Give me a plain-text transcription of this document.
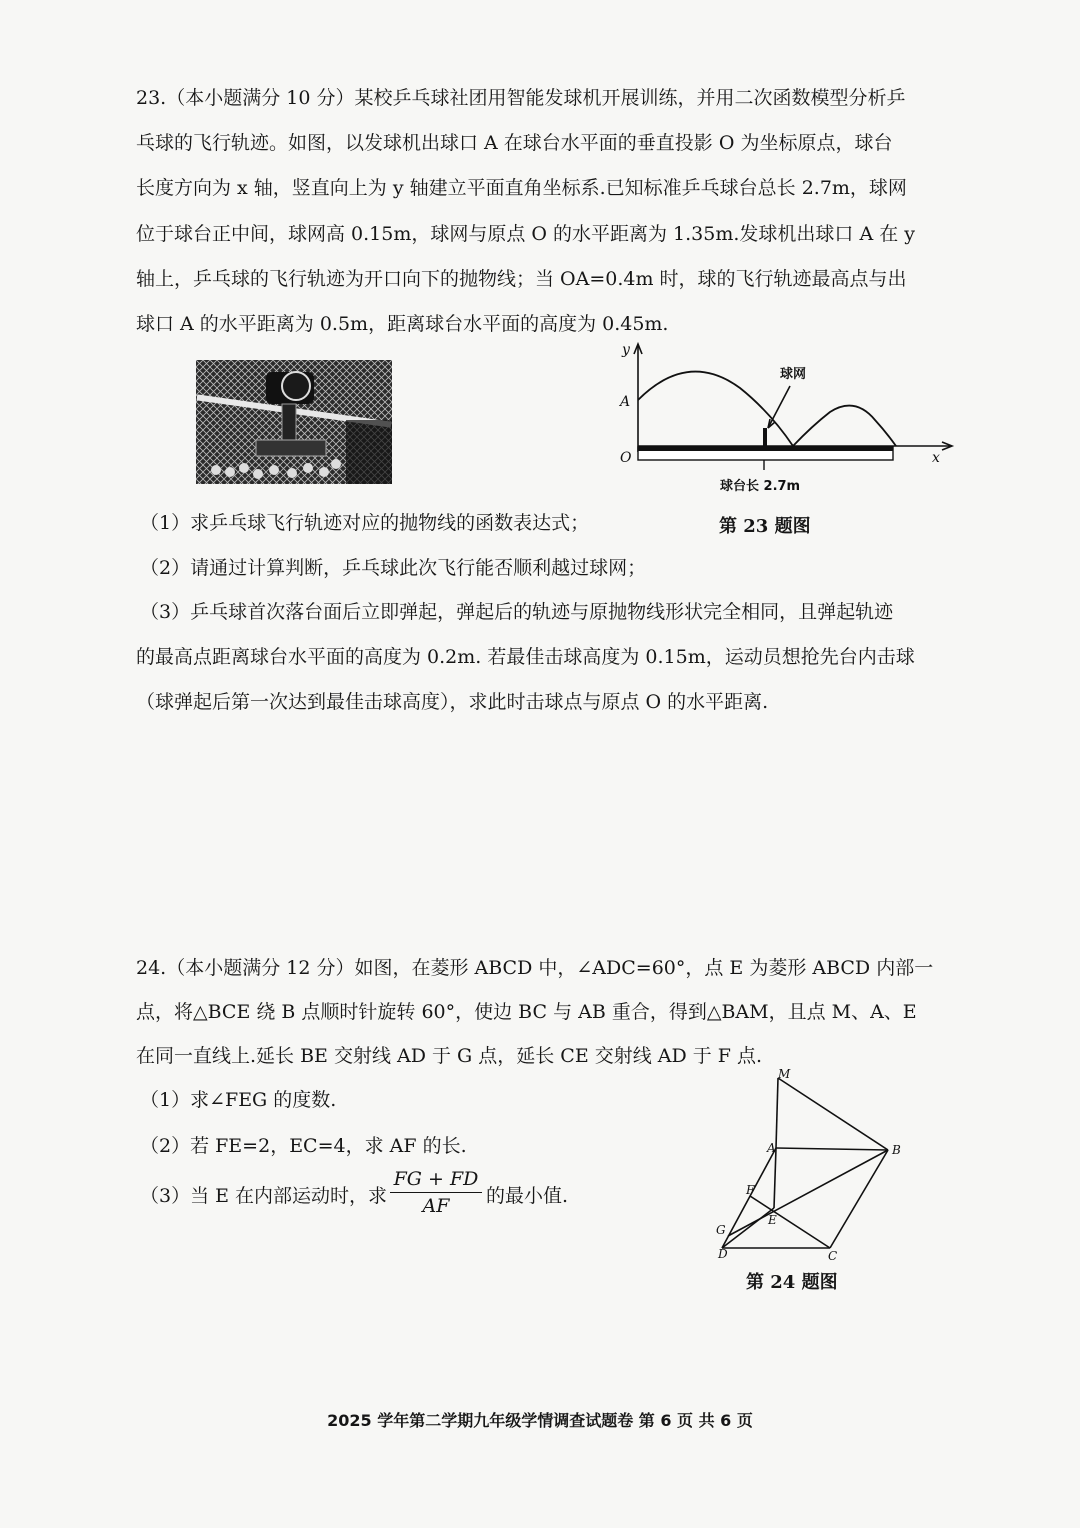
23.（本小题满分 10 分）某校乒乓球社团用智能发球机开展训练，并用二次函数模型分析乒
乓球的飞行轨迹。如图，以发球机出球口 A 在球台水平面的垂直投影 O 为坐标原点，球台
长度方向为 x 轴，竖直向上为 y 轴建立平面直角坐标系.已知标准乒乓球台总长 2.7m，球网
位于球台正中间，球网高 0.15m，球网与原点 O 的水平距离为 1.35m.发球机出球口 A 在 y
轴上，乒乓球的飞行轨迹为开口向下的抛物线；当 OA=0.4m 时，球的飞行轨迹最高点与出
球口 A 的水平距离为 0.5m，距离球台水平面的高度为 0.45m.
y
x
球网
A
O
球台长 2.7m
（1）求乒乓球飞行轨迹对应的抛物线的函数表达式；	第 23 题图
（2）请通过计算判断，乒乓球此次飞行能否顺利越过球网；
（3）乒乓球首次落台面后立即弹起，弹起后的轨迹与原抛物线形状完全相同，且弹起轨迹
的最高点距离球台水平面的高度为 0.2m. 若最佳击球高度为 0.15m，运动员想抢先台内击球
（球弹起后第一次达到最佳击球高度），求此时击球点与原点 O 的水平距离.
24.（本小题满分 12 分）如图，在菱形 ABCD 中，∠ADC=60°，点 E 为菱形 ABCD 内部一
点，将△BCE 绕 B 点顺时针旋转 60°，使边 BC 与 AB 重合，得到△BAM，且点 M、A、E
在同一直线上.延长 BE 交射线 AD 于 G 点，延长 CE 交射线 AD 于 F 点.
（1）求∠FEG 的度数.
（2）若 FE=2，EC=4，求 AF 的长.
（3）当 E 在内部运动时，求 $\frac{FG + FD}{AF}$ 的最小值.
M
A	B
F
E
G
D	C
第 24 题图
2025 学年第二学期九年级学情调查试题卷 第 6 页 共 6 页
